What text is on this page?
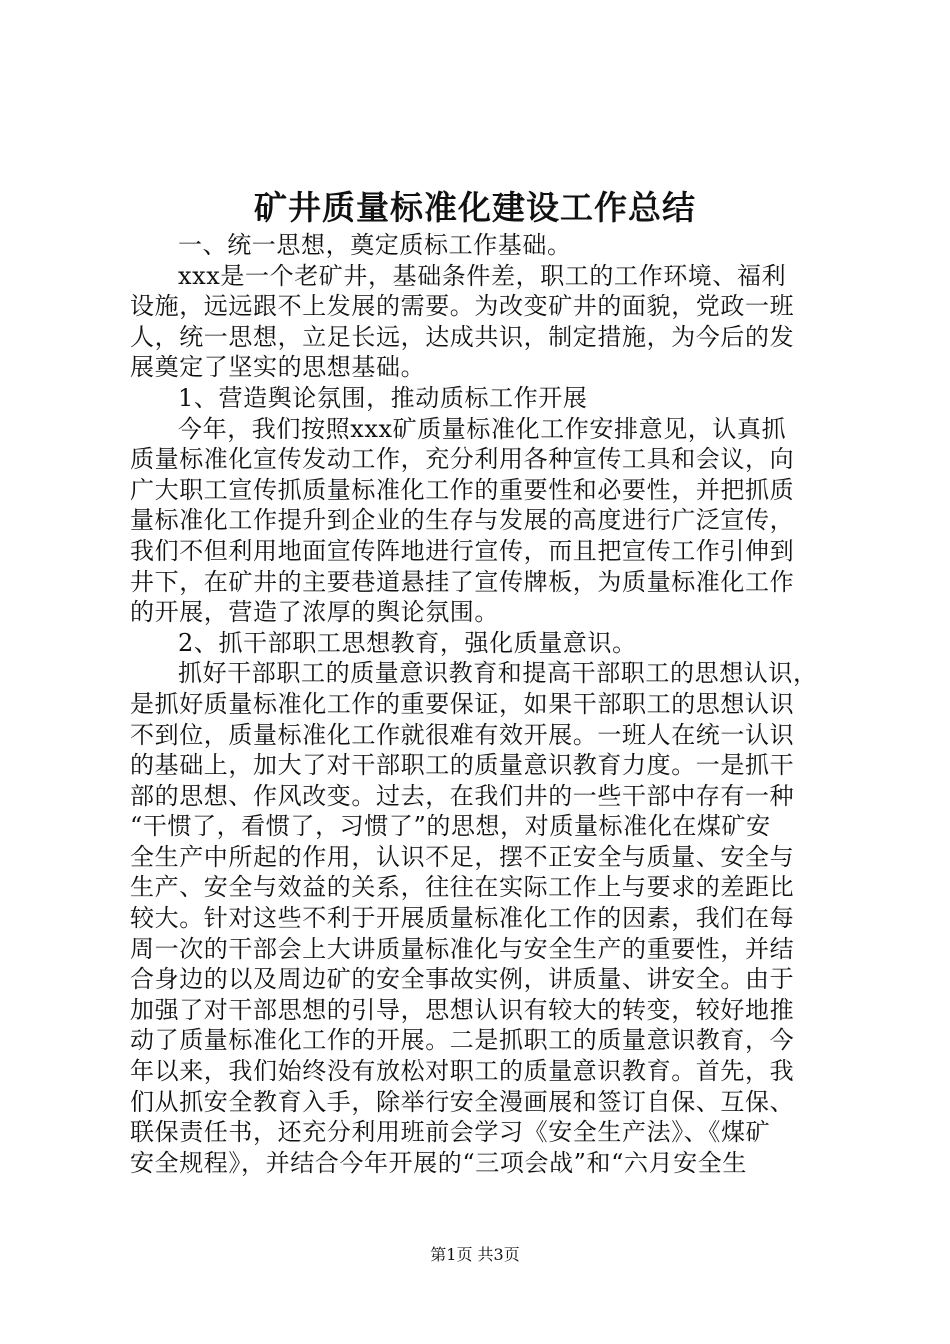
矿井质量标准化建设工作总结
一、统一思想，奠定质标工作基础。
xxx是一个老矿井，基础条件差，职工的工作环境、福利
设施，远远跟不上发展的需要。为改变矿井的面貌，党政一班
人，统一思想，立足长远，达成共识，制定措施，为今后的发
展奠定了坚实的思想基础。
1、营造舆论氛围，推动质标工作开展
今年，我们按照xxx矿质量标准化工作安排意见，认真抓
质量标准化宣传发动工作，充分利用各种宣传工具和会议，向
广大职工宣传抓质量标准化工作的重要性和必要性，并把抓质
量标准化工作提升到企业的生存与发展的高度进行广泛宣传，
我们不但利用地面宣传阵地进行宣传，而且把宣传工作引伸到
井下，在矿井的主要巷道悬挂了宣传牌板，为质量标准化工作
的开展，营造了浓厚的舆论氛围。
2、抓干部职工思想教育，强化质量意识。
抓好干部职工的质量意识教育和提高干部职工的思想认识，
是抓好质量标准化工作的重要保证，如果干部职工的思想认识
不到位，质量标准化工作就很难有效开展。一班人在统一认识
的基础上，加大了对干部职工的质量意识教育力度。一是抓干
部的思想、作风改变。过去，在我们井的一些干部中存有一种
“干惯了，看惯了，习惯了”的思想，对质量标准化在煤矿安
全生产中所起的作用，认识不足，摆不正安全与质量、安全与
生产、安全与效益的关系，往往在实际工作上与要求的差距比
较大。针对这些不利于开展质量标准化工作的因素，我们在每
周一次的干部会上大讲质量标准化与安全生产的重要性，并结
合身边的以及周边矿的安全事故实例，讲质量、讲安全。由于
加强了对干部思想的引导，思想认识有较大的转变，较好地推
动了质量标准化工作的开展。二是抓职工的质量意识教育，今
年以来，我们始终没有放松对职工的质量意识教育。首先，我
们从抓安全教育入手，除举行安全漫画展和签订自保、互保、
联保责任书，还充分利用班前会学习《安全生产法》、《煤矿
安全规程》，并结合今年开展的“三项会战”和“六月安全生
第1页 共3页
